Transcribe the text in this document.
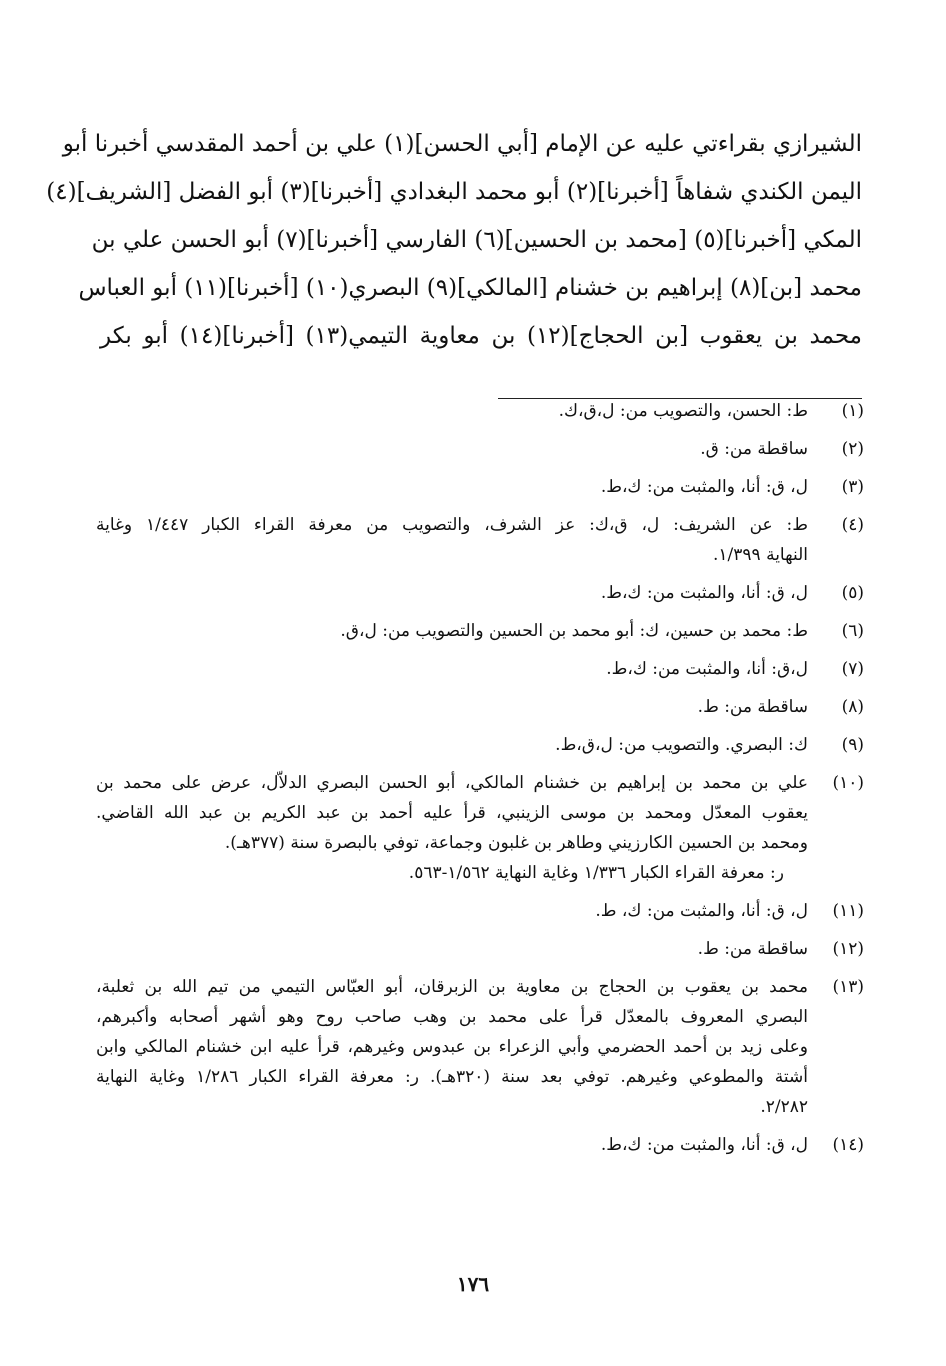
الشيرازي بقراءتي عليه عن الإمام [أبي الحسن](١) علي بن أحمد المقدسي أخبرنا أبو
اليمن الكندي شفاهاً [أخبرنا](٢) أبو محمد البغدادي [أخبرنا](٣) أبو الفضل [الشريف](٤)
المكي [أخبرنا](٥) [محمد بن الحسين](٦) الفارسي [أخبرنا](٧) أبو الحسن علي بن
محمد [بن](٨) إبراهيم بن خشنام [المالكي](٩) البصري(١٠) [أخبرنا](١١) أبو العباس
محمد بن يعقوب [بن الحجاج](١٢) بن معاوية التيمي(١٣) [أخبرنا](١٤) أبو بكر
(١)
ط: الحسن، والتصويب من: ل،ق،ك.
(٢)
ساقطة من: ق.
(٣)
ل، ق: أنا، والمثبت من: ك،ط.
(٤)
ط: عن الشريف: ل، ق،ك: عز الشرف، والتصويب من معرفة القراء الكبار ١/٤٤٧ وغاية
النهاية ١/٣٩٩.
(٥)
ل، ق: أنا، والمثبت من: ك،ط.
(٦)
ط: محمد بن حسين، ك: أبو محمد بن الحسين والتصويب من: ل،ق.
(٧)
ل،ق: أنا، والمثبت من: ك،ط.
(٨)
ساقطة من: ط.
(٩)
ك: البصري. والتصويب من: ل،ق،ط.
(١٠)
علي بن محمد بن إبراهيم بن خشنام المالكي، أبو الحسن البصري الدلاّل، عرض على محمد بن
يعقوب المعدّل ومحمد بن موسى الزينبي، قرأ عليه أحمد بن عبد الكريم بن عبد الله القاضي.
ومحمد بن الحسين الكارزيني وطاهر بن غلبون وجماعة، توفي بالبصرة سنة (٣٧٧هـ).
ر: معرفة القراء الكبار ١/٣٣٦ وغاية النهاية ١/٥٦٢-٥٦٣.
(١١)
ل، ق: أنا، والمثبت من: ك، ط.
(١٢)
ساقطة من: ط.
(١٣)
محمد بن يعقوب بن الحجاج بن معاوية بن الزبرقان، أبو العبّاس التيمي من تيم الله بن ثعلبة،
البصري المعروف بالمعدّل قرأ على محمد بن وهب صاحب روح وهو أشهر أصحابه وأكبرهم،
وعلى زيد بن أحمد الحضرمي وأبي الزعراء بن عبدوس وغيرهم، قرأ عليه ابن خشنام المالكي وابن
أشتة والمطوعي وغيرهم. توفي بعد سنة (٣٢٠هـ). ر: معرفة القراء الكبار ١/٢٨٦ وغاية النهاية
٢/٢٨٢.
(١٤)
ل، ق: أنا، والمثبت من: ك،ط.
١٧٦
